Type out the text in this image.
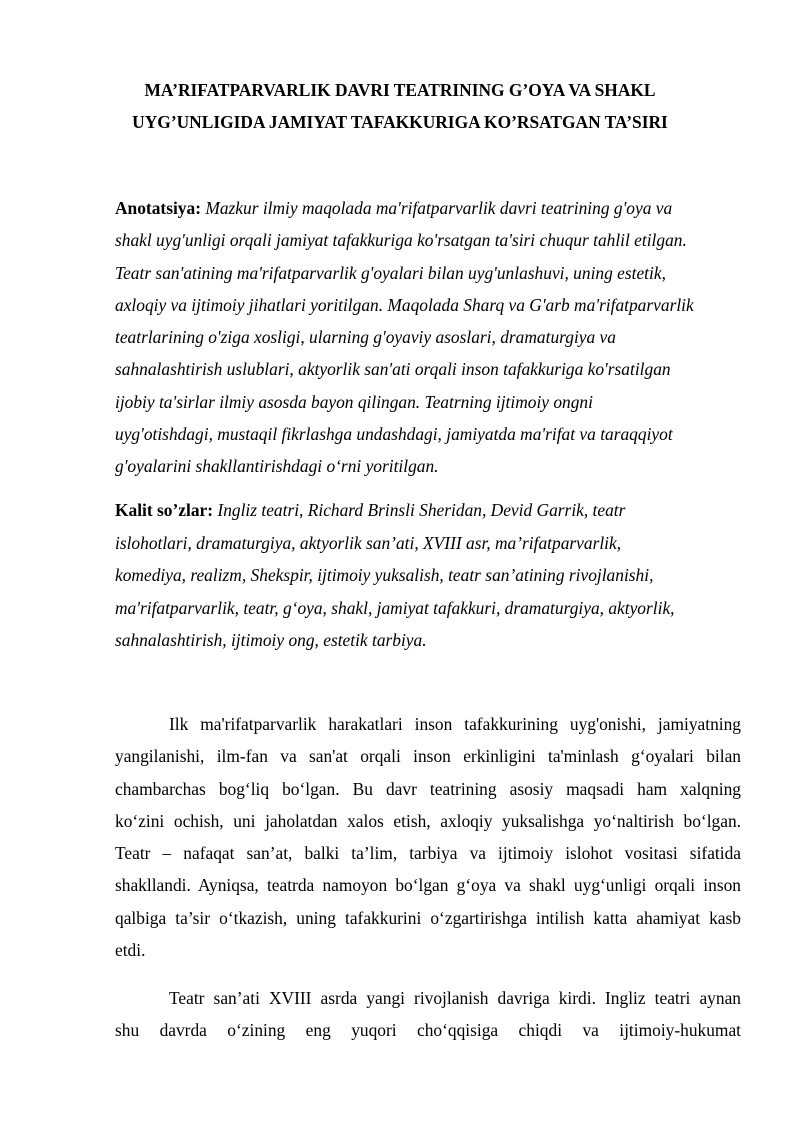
MA’RIFATPARVARLIK DAVRI TEATRINING G’OYA VA SHAKL
UYG’UNLIGIDA JAMIYAT TAFAKKURIGA KO’RSATGAN TA’SIRI

Anotatsiya: Mazkur ilmiy maqolada ma'rifatparvarlik davri teatrining g'oya va
shakl uyg'unligi orqali jamiyat tafakkuriga ko'rsatgan ta'siri chuqur tahlil etilgan.
Teatr san'atining ma'rifatparvarlik g'oyalari bilan uyg'unlashuvi, uning estetik,
axloqiy va ijtimoiy jihatlari yoritilgan. Maqolada Sharq va G'arb ma'rifatparvarlik
teatrlarining o'ziga xosligi, ularning g'oyaviy asoslari, dramaturgiya va
sahnalashtirish uslublari, aktyorlik san'ati orqali inson tafakkuriga ko'rsatilgan
ijobiy ta'sirlar ilmiy asosda bayon qilingan. Teatrning ijtimoiy ongni
uyg'otishdagi, mustaqil fikrlashga undashdagi, jamiyatda ma'rifat va taraqqiyot
g'oyalarini shakllantirishdagi o‘rni yoritilgan.

Kalit so’zlar: Ingliz teatri, Richard Brinsli Sheridan, Devid Garrik, teatr
islohotlari, dramaturgiya, aktyorlik san’ati, XVIII asr, ma’rifatparvarlik,
komediya, realizm, Shekspir, ijtimoiy yuksalish, teatr san’atining rivojlanishi,
ma'rifatparvarlik, teatr, g‘oya, shakl, jamiyat tafakkuri, dramaturgiya, aktyorlik,
sahnalashtirish, ijtimoiy ong, estetik tarbiya.

Ilk ma'rifatparvarlik harakatlari inson tafakkurining uyg'onishi, jamiyatning
yangilanishi, ilm-fan va san'at orqali inson erkinligini ta'minlash g‘oyalari bilan
chambarchas bog‘liq bo‘lgan. Bu davr teatrining asosiy maqsadi ham xalqning
ko‘zini ochish, uni jaholatdan xalos etish, axloqiy yuksalishga yo‘naltirish bo‘lgan.
Teatr – nafaqat san’at, balki ta’lim, tarbiya va ijtimoiy islohot vositasi sifatida
shakllandi. Ayniqsa, teatrda namoyon bo‘lgan g‘oya va shakl uyg‘unligi orqali inson
qalbiga ta’sir o‘tkazish, uning tafakkurini o‘zgartirishga intilish katta ahamiyat kasb
etdi.

Teatr san’ati XVIII asrda yangi rivojlanish davriga kirdi. Ingliz teatri aynan
shu davrda o‘zining eng yuqori cho‘qqisiga chiqdi va ijtimoiy-hukumat
